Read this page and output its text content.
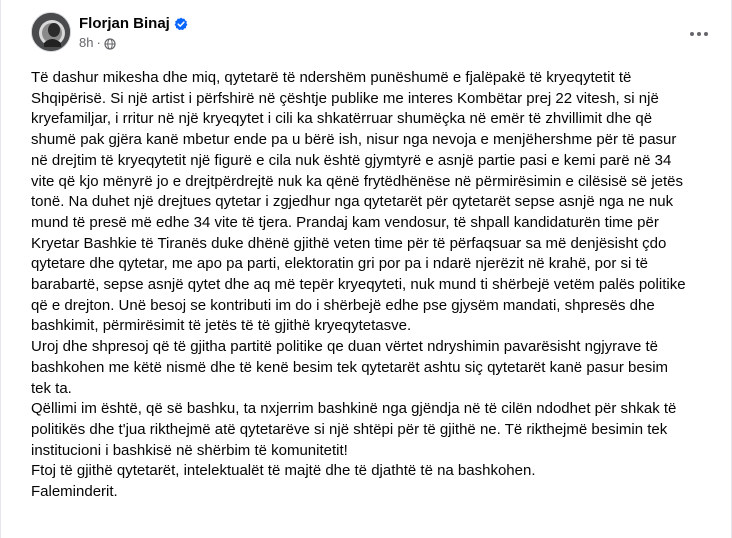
Florjan Binaj
8h ·

Të dashur mikesha dhe miq, qytetarë të ndershëm punëshumë e fjalëpakë të kryeqytetit të
Shqipërisë. Si një artist i përfshirë në çështje publike me interes Kombëtar prej 22 vitesh, si një
kryefamiljar, i rritur në një kryeqytet i cili ka shkatërruar shumëçka në emër të zhvillimit dhe që
shumë pak gjëra kanë mbetur ende pa u bërë ish, nisur nga nevoja e menjëhershme për të pasur
në drejtim të kryeqytetit një figurë e cila nuk është gjymtyrë e asnjë partie pasi e kemi parë në 34
vite që kjo mënyrë jo e drejtpërdrejtë nuk ka qënë frytëdhënëse në përmirësimin e cilësisë së jetës
tonë. Na duhet një drejtues qytetar i zgjedhur nga qytetarët për qytetarët sepse asnjë nga ne nuk
mund të presë më edhe 34 vite të tjera. Prandaj kam vendosur, të shpall kandidaturën time për
Kryetar Bashkie të Tiranës duke dhënë gjithë veten time për të përfaqsuar sa më denjësisht çdo
qytetare dhe qytetar, me apo pa parti, elektoratin gri por pa i ndarë njerëzit në krahë, por si të
barabartë, sepse asnjë qytet dhe aq më tepër kryeqyteti, nuk mund ti shërbejë vetëm palës politike
që e drejton. Unë besoj se kontributi im do i shërbejë edhe pse gjysëm mandati, shpresës dhe
bashkimit, përmirësimit të jetës të të gjithë kryeqytetasve.

Uroj dhe shpresoj që të gjitha partitë politike qe duan vërtet ndryshimin pavarësisht ngjyrave të
bashkohen me këtë nismë dhe të kenë besim tek qytetarët ashtu siç qytetarët kanë pasur besim
tek ta.

Qëllimi im është, që së bashku, ta nxjerrim bashkinë nga gjëndja në të cilën ndodhet për shkak të
politikës dhe t'jua rikthejmë atë qytetarëve si një shtëpi për të gjithë ne. Të rikthejmë besimin tek
institucioni i bashkisë në shërbim të komunitetit!

Ftoj të gjithë qytetarët, intelektualët të majtë dhe të djathtë të na bashkohen.

Faleminderit.
